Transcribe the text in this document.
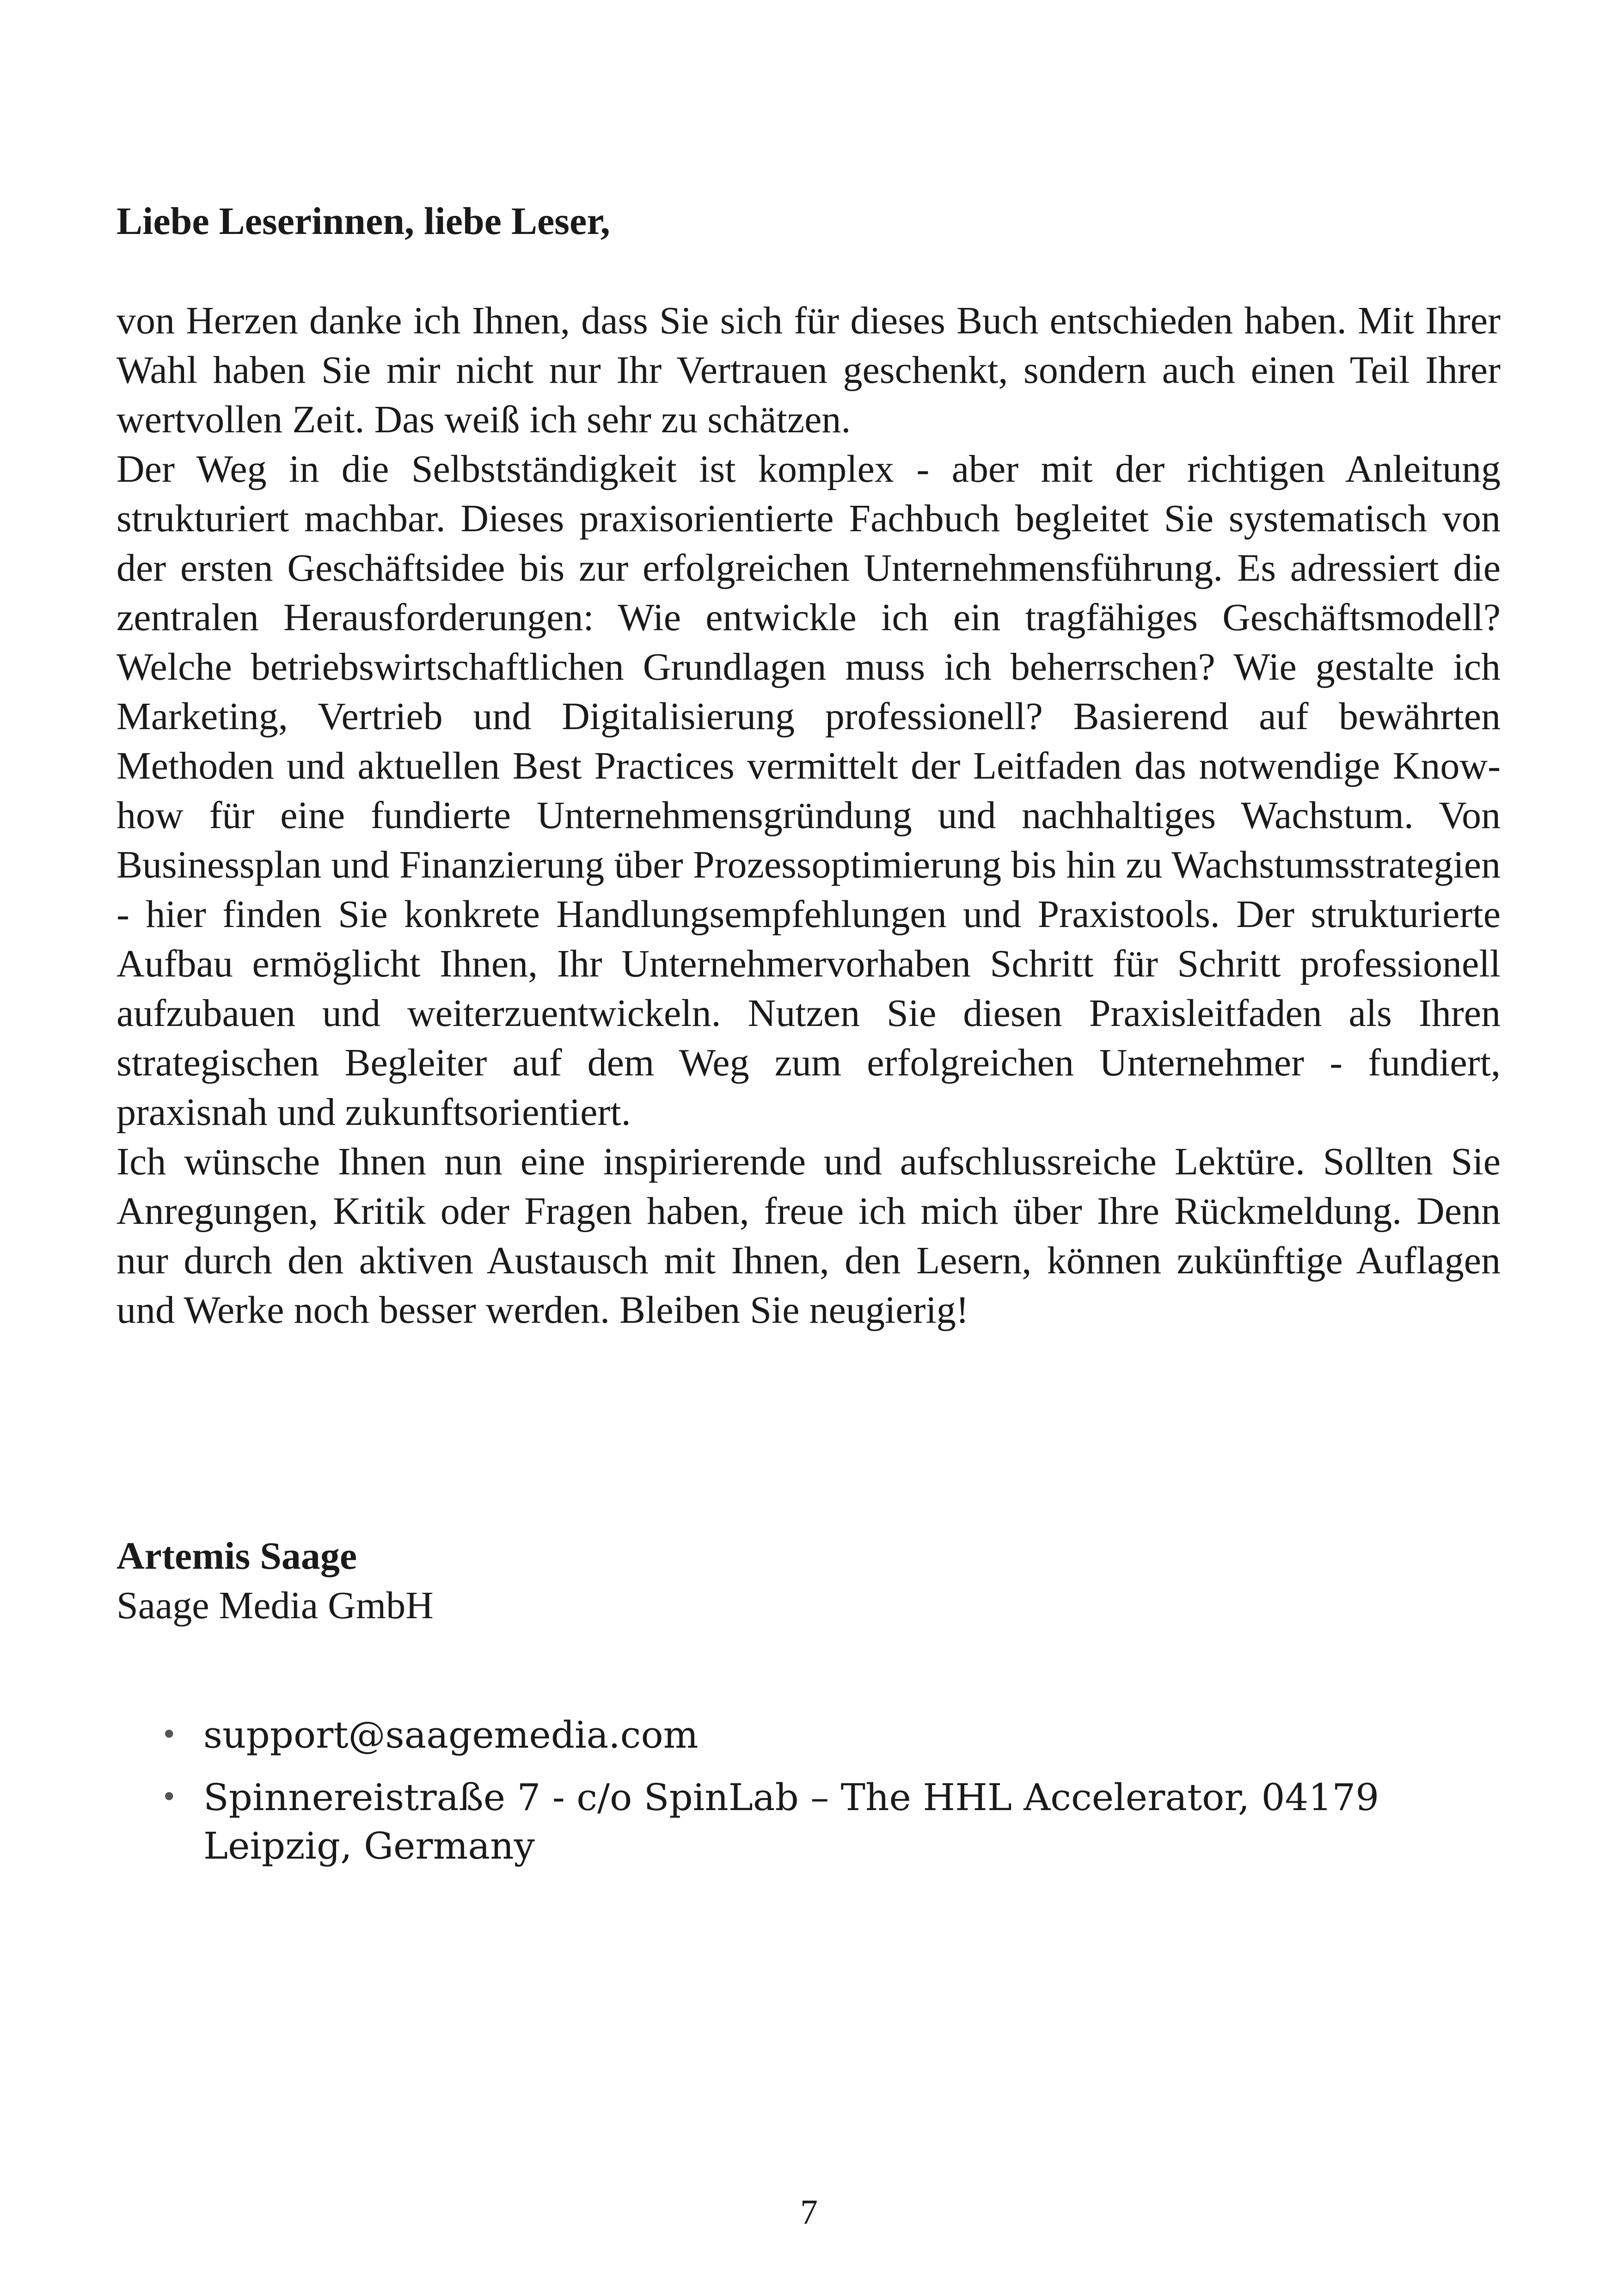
Liebe Leserinnen, liebe Leser,

von Herzen danke ich Ihnen, dass Sie sich für dieses Buch entschieden haben. Mit Ihrer Wahl haben Sie mir nicht nur Ihr Vertrauen geschenkt, sondern auch einen Teil Ihrer wertvollen Zeit. Das weiß ich sehr zu schätzen.

Der Weg in die Selbstständigkeit ist komplex - aber mit der richtigen Anleitung strukturiert machbar. Dieses praxisorientierte Fachbuch begleitet Sie systematisch von der ersten Geschäftsidee bis zur erfolgreichen Unternehmensführung. Es adressiert die zentralen Herausforderungen: Wie entwickle ich ein tragfähiges Geschäftsmodell? Welche betriebswirtschaftlichen Grundlagen muss ich beherrschen? Wie gestalte ich Marketing, Vertrieb und Digitalisierung professionell? Basierend auf bewährten Methoden und aktuellen Best Practices vermittelt der Leitfaden das notwendige Know-how für eine fundierte Unternehmensgründung und nachhaltiges Wachstum. Von Businessplan und Finanzierung über Prozessoptimierung bis hin zu Wachstumsstrategien - hier finden Sie konkrete Handlungsempfehlungen und Praxistools. Der strukturierte Aufbau ermöglicht Ihnen, Ihr Unternehmervorhaben Schritt für Schritt professionell aufzubauen und weiterzuentwickeln. Nutzen Sie diesen Praxisleitfaden als Ihren strategischen Begleiter auf dem Weg zum erfolgreichen Unternehmer - fundiert, praxisnah und zukunftsorientiert.

Ich wünsche Ihnen nun eine inspirierende und aufschlussreiche Lektüre. Sollten Sie Anregungen, Kritik oder Fragen haben, freue ich mich über Ihre Rückmeldung. Denn nur durch den aktiven Austausch mit Ihnen, den Lesern, können zukünftige Auflagen und Werke noch besser werden. Bleiben Sie neugierig!

Artemis Saage
Saage Media GmbH
• support@saagemedia.com
• Spinnereistraße 7 - c/o SpinLab – The HHL Accelerator, 04179
Leipzig, Germany
7
